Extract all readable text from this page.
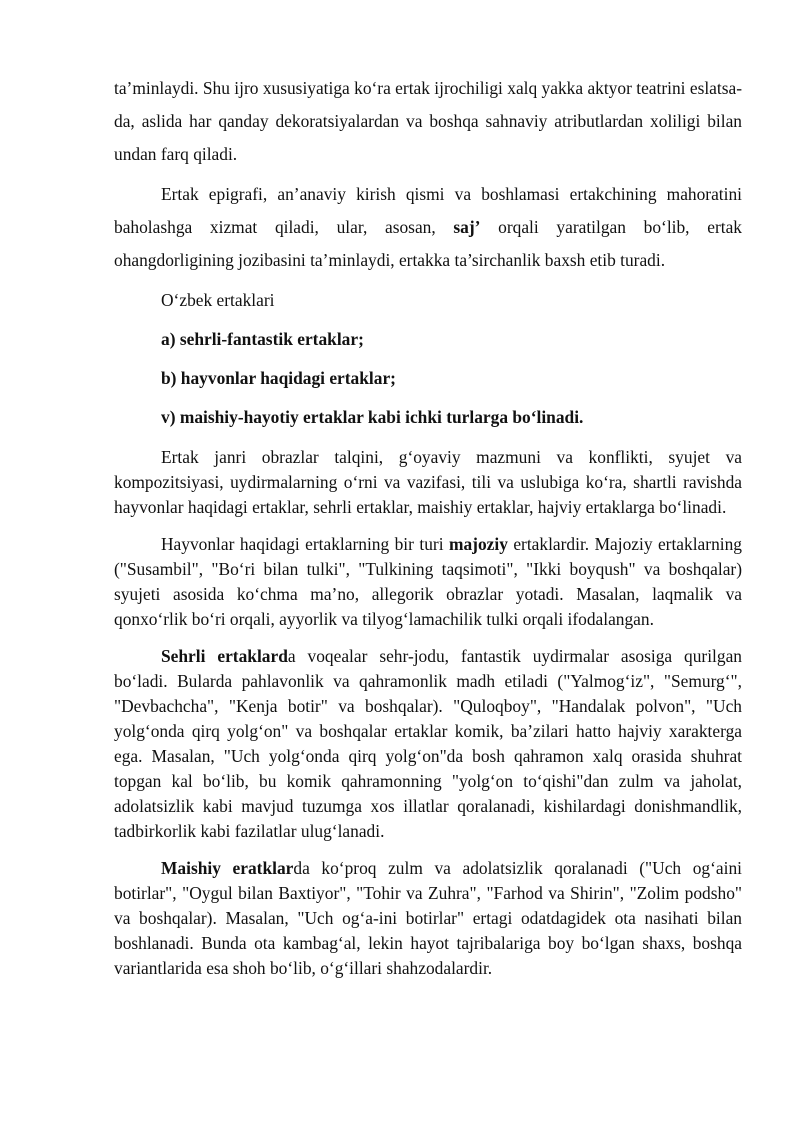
ta’minlaydi. Shu ijro xususiyatiga ko‘ra ertak ijrochiligi xalq yakka aktyor teatrini eslatsa-da, aslida har qanday dekoratsiyalardan va boshqa sahnaviy atributlardan xoliligi bilan undan farq qiladi.

Ertak epigrafi, an’anaviy kirish qismi va boshlamasi ertakchining mahoratini baholashga xizmat qiladi, ular, asosan, saj’ orqali yaratilgan bo‘lib, ertak ohangdorligining jozibasini ta’minlaydi, ertakka ta’sirchanlik baxsh etib turadi.

O‘zbek ertaklari

a) sehrli-fantastik ertaklar;

b) hayvonlar haqidagi ertaklar;

v) maishiy-hayotiy ertaklar kabi ichki turlarga bo‘linadi.

Ertak janri obrazlar talqini, g‘oyaviy mazmuni va konflikti, syujet va kompozitsiyasi, uydirmalarning o‘rni va vazifasi, tili va uslubiga ko‘ra, shartli ravishda hayvonlar haqidagi ertaklar, sehrli ertaklar, maishiy ertaklar, hajviy ertaklarga bo‘linadi.

Hayvonlar haqidagi ertaklarning bir turi majoziy ertaklardir. Majoziy ertaklarning ("Susambil", "Bo‘ri bilan tulki", "Tulkining taqsimoti", "Ikki boyqush" va boshqalar) syujeti asosida ko‘chma ma’no, allegorik obrazlar yotadi. Masalan, laqmalik va qonxo‘rlik bo‘ri orqali, ayyorlik va tilyog‘lamachilik tulki orqali ifodalangan.

Sehrli ertaklarda voqealar sehr-jodu, fantastik uydirmalar asosiga qurilgan bo‘ladi. Bularda pahlavonlik va qahramonlik madh etiladi ("Yalmog‘iz", "Semurg‘", "Devbachcha", "Kenja botir" va boshqalar). "Quloqboy", "Handalak polvon", "Uch yolg‘onda qirq yolg‘on" va boshqalar ertaklar komik, ba’zilari hatto hajviy xarakterga ega. Masalan, "Uch yolg‘onda qirq yolg‘on"da bosh qahramon xalq orasida shuhrat topgan kal bo‘lib, bu komik qahramonning "yolg‘on to‘qishi"dan zulm va jaholat, adolatsizlik kabi mavjud tuzumga xos illatlar qoralanadi, kishilardagi donishmandlik, tadbirkorlik kabi fazilatlar ulug‘lanadi.

Maishiy eratklarda ko‘proq zulm va adolatsizlik qoralanadi ("Uch og‘aini botirlar", "Oygul bilan Baxtiyor", "Tohir va Zuhra", "Farhod va Shirin", "Zolim podsho" va boshqalar). Masalan, "Uch og‘a-ini botirlar" ertagi odatdagidek ota nasihati bilan boshlanadi. Bunda ota kambag‘al, lekin hayot tajribalariga boy bo‘lgan shaxs, boshqa variantlarida esa shoh bo‘lib, o‘g‘illari shahzodalardir.
